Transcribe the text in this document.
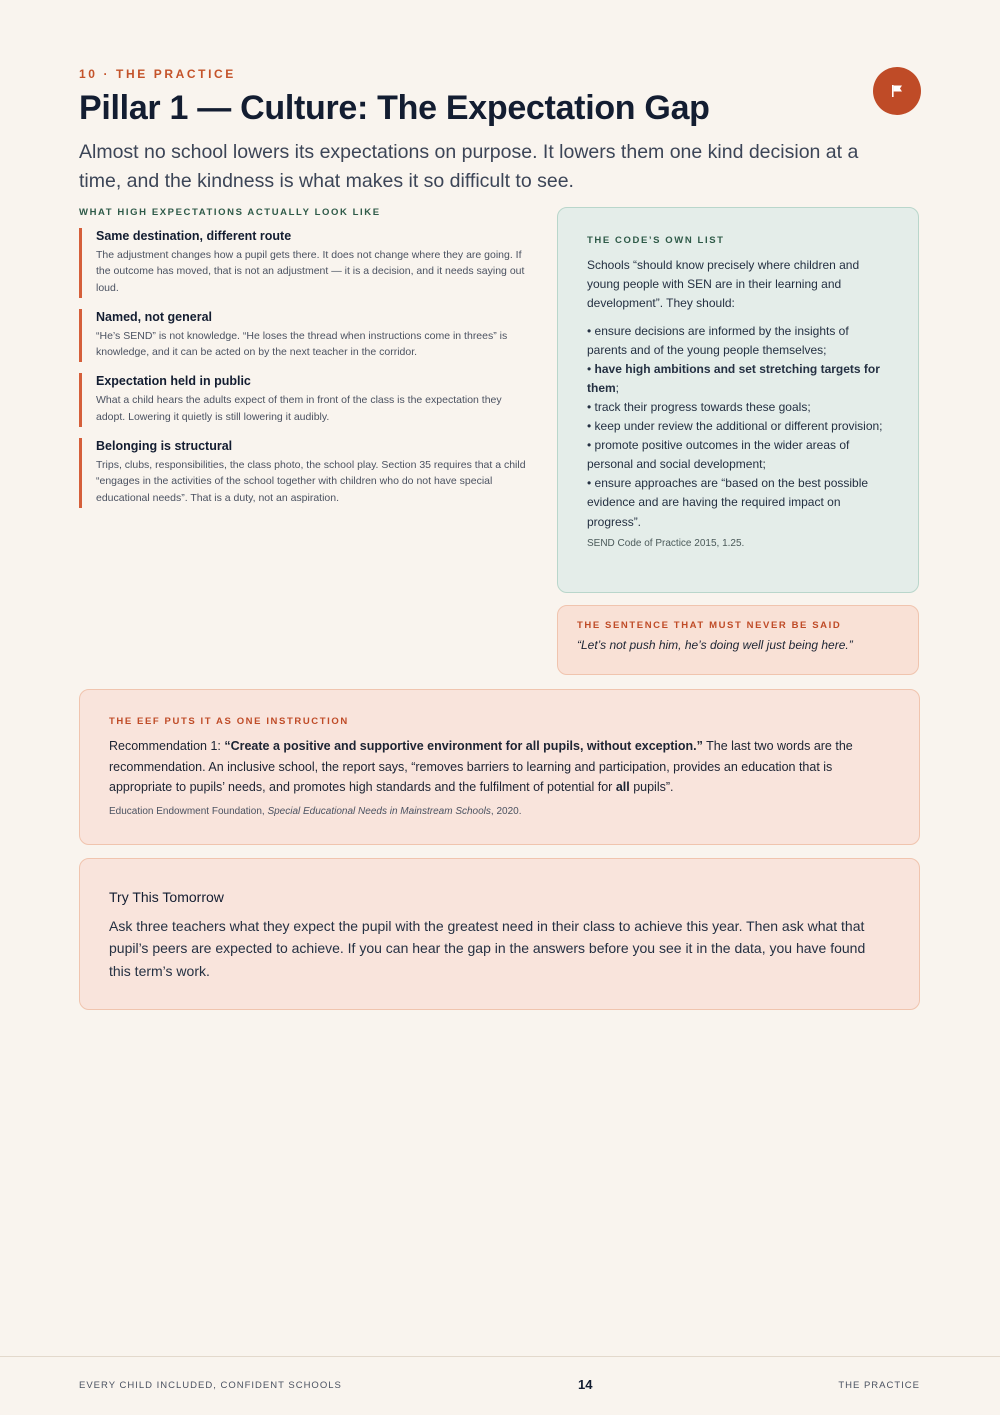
10 · THE PRACTICE
Pillar 1 — Culture: The Expectation Gap

Almost no school lowers its expectations on purpose. It lowers them one kind decision at a time, and the kindness is what makes it so difficult to see.

WHAT HIGH EXPECTATIONS ACTUALLY LOOK LIKE
Same destination, different route

The adjustment changes how a pupil gets there. It does not change where they are going. If the outcome has moved, that is not an adjustment — it is a decision, and it needs saying out loud.

Named, not general

“He’s SEND” is not knowledge. “He loses the thread when instructions come in threes” is knowledge, and it can be acted on by the next teacher in the corridor.

Expectation held in public

What a child hears the adults expect of them in front of the class is the expectation they adopt. Lowering it quietly is still lowering it audibly.

Belonging is structural

Trips, clubs, responsibilities, the class photo, the school play. Section 35 requires that a child “engages in the activities of the school together with children who do not have special educational needs”. That is a duty, not an aspiration.

THE CODE’S OWN LIST

Schools “should know precisely where children and young people with SEN are in their learning and development”. They should:

• ensure decisions are informed by the insights of parents and of the young people themselves;
• have high ambitions and set stretching targets for them;
• track their progress towards these goals;
• keep under review the additional or different provision;
• promote positive outcomes in the wider areas of personal and social development;
• ensure approaches are “based on the best possible evidence and are having the required impact on progress”.
SEND Code of Practice 2015, 1.25.
THE SENTENCE THAT MUST NEVER BE SAID
“Let’s not push him, he’s doing well just being here.”
THE EEF PUTS IT AS ONE INSTRUCTION

Recommendation 1: “Create a positive and supportive environment for all pupils, without exception.” The last two words are the recommendation. An inclusive school, the report says, “removes barriers to learning and participation, provides an education that is appropriate to pupils’ needs, and promotes high standards and the fulfilment of potential for all pupils”.

Education Endowment Foundation, Special Educational Needs in Mainstream Schools, 2020.
Try This Tomorrow

Ask three teachers what they expect the pupil with the greatest need in their class to achieve this year. Then ask what that pupil’s peers are expected to achieve. If you can hear the gap in the answers before you see it in the data, you have found this term’s work.

EVERY CHILD INCLUDED, CONFIDENT SCHOOLS	14	THE PRACTICE
